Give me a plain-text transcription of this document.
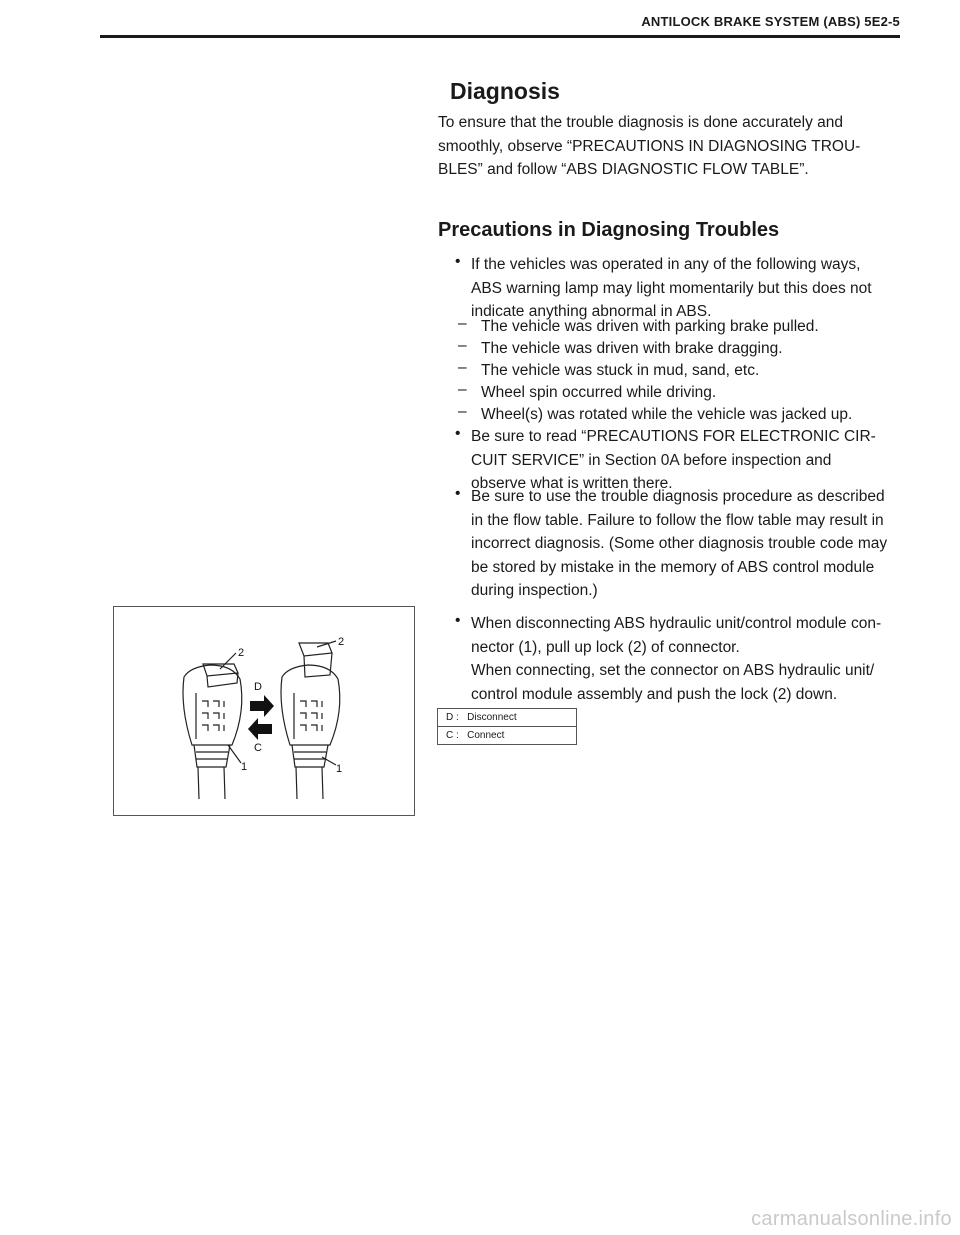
ANTILOCK BRAKE SYSTEM (ABS) 5E2-5
Diagnosis
To ensure that the trouble diagnosis is done accurately and
smoothly, observe “PRECAUTIONS IN DIAGNOSING TROU-
BLES” and follow “ABS DIAGNOSTIC FLOW TABLE”.
Precautions in Diagnosing Troubles
• If the vehicles was operated in any of the following ways,
ABS warning lamp may light momentarily but this does not
indicate anything abnormal in ABS.
– The vehicle was driven with parking brake pulled.
– The vehicle was driven with brake dragging.
– The vehicle was stuck in mud, sand, etc.
– Wheel spin occurred while driving.
– Wheel(s) was rotated while the vehicle was jacked up.
• Be sure to read “PRECAUTIONS FOR ELECTRONIC CIR-
CUIT SERVICE” in Section 0A before inspection and
observe what is written there.
• Be sure to use the trouble diagnosis procedure as described
in the flow table. Failure to follow the flow table may result in
incorrect diagnosis. (Some other diagnosis trouble code may
be stored by mistake in the memory of ABS control module
during inspection.)
• When disconnecting ABS hydraulic unit/control module con-
nector (1), pull up lock (2) of connector.
When connecting, set the connector on ABS hydraulic unit/
control module assembly and push the lock (2) down.
2
2
D
C
1	1
D : Disconnect
C : Connect
carmanualsonline.info
